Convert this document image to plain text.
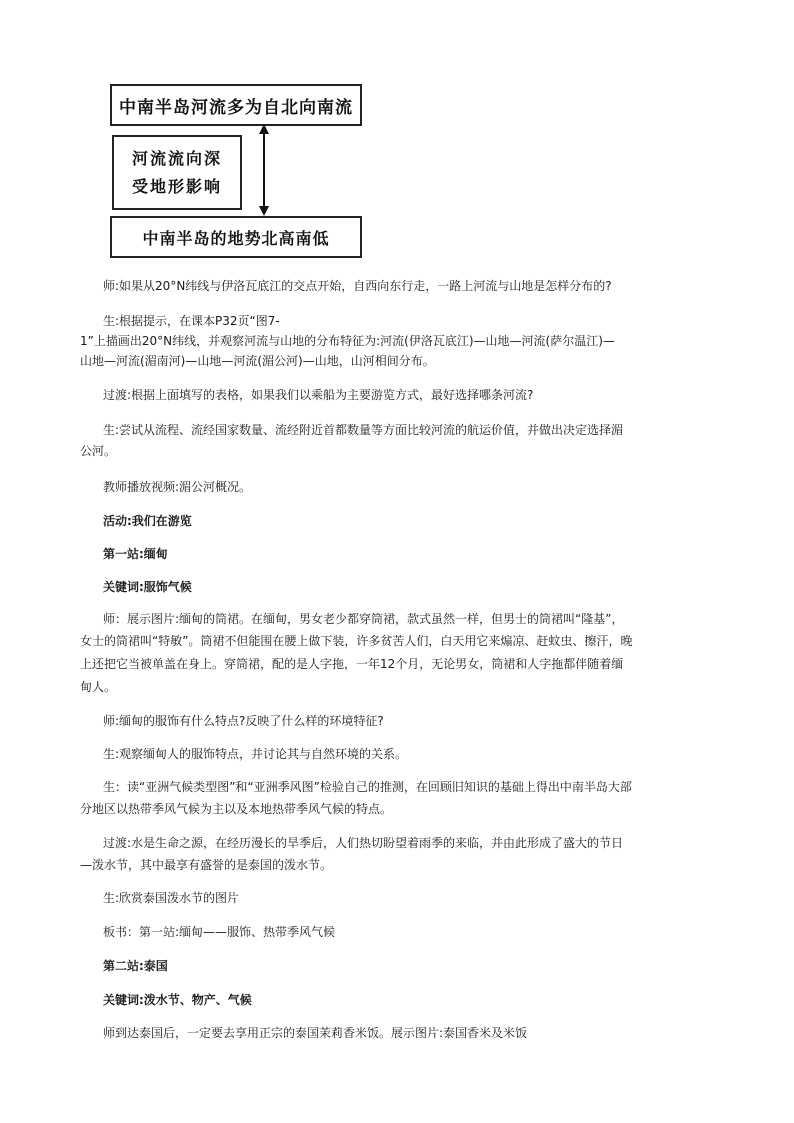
中南半岛河流多为自北向南流
河流流向深
受地形影响
中南半岛的地势北高南低
师:如果从20°N纬线与伊洛瓦底江的交点开始，自西向东行走，一路上河流与山地是怎样分布的?
生:根据提示，在课本P32页“图7-
1”上描画出20°N纬线，并观察河流与山地的分布特征为:河流(伊洛瓦底江)—山地—河流(萨尔温江)—
山地—河流(湄南河)—山地—河流(湄公河)—山地，山河相间分布。
过渡:根据上面填写的表格，如果我们以乘船为主要游览方式，最好选择哪条河流?
生:尝试从流程、流经国家数量、流经附近首都数量等方面比较河流的航运价值，并做出决定选择湄
公河。
教师播放视频:湄公河概况。
活动:我们在游览
第一站:缅甸
关键词:服饰气候
师：展示图片:缅甸的筒裙。在缅甸，男女老少都穿筒裙，款式虽然一样，但男士的筒裙叫“隆基”，
女士的筒裙叫“特敏”。筒裙不但能围在腰上做下装，许多贫苦人们，白天用它来煽凉、赶蚊虫、擦汗，晚
上还把它当被单盖在身上。穿筒裙，配的是人字拖，一年12个月，无论男女，筒裙和人字拖都伴随着缅
甸人。
师:缅甸的服饰有什么特点?反映了什么样的环境特征?
生:观察缅甸人的服饰特点，并讨论其与自然环境的关系。
生：读“亚洲气候类型图”和“亚洲季风图”检验自己的推测，在回顾旧知识的基础上得出中南半岛大部
分地区以热带季风气候为主以及本地热带季风气候的特点。
过渡:水是生命之源，在经历漫长的旱季后，人们热切盼望着雨季的来临，并由此形成了盛大的节日
—泼水节，其中最享有盛誉的是泰国的泼水节。
生:欣赏泰国泼水节的图片
板书：第一站:缅甸——服饰、热带季风气候
第二站:泰国
关键词:泼水节、物产、气候
师到达泰国后，一定要去享用正宗的泰国茉莉香米饭。展示图片:泰国香米及米饭
